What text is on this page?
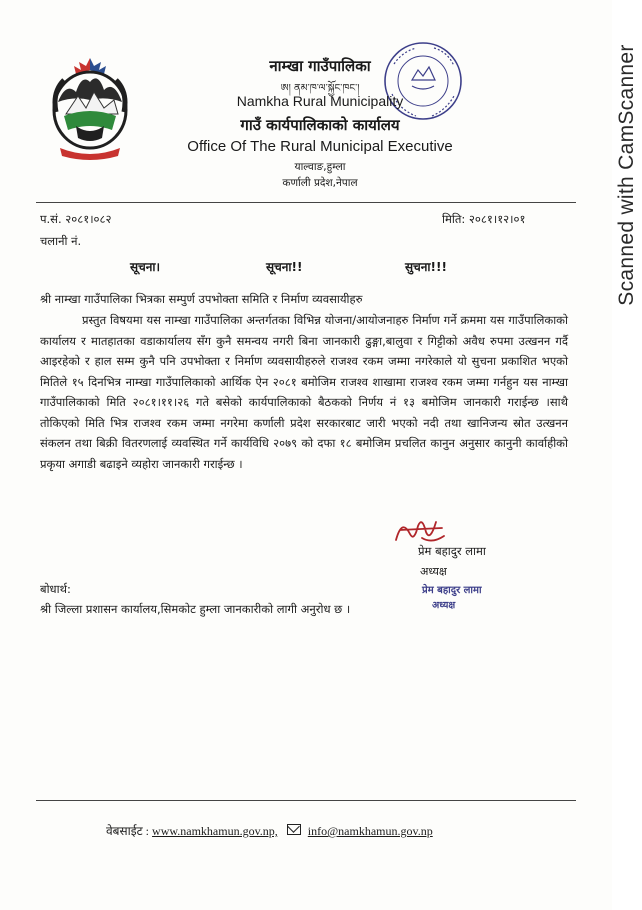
नाम्खा गाउँपालिका
ཨ། ནམ་ཁ་ལ་སྐྱོང་ཁང་།
Namkha Rural Municipality
गाउँ कार्यपालिकाको कार्यालय
Office Of The Rural Municipal Executive
याल्वाङ,हुम्ला
कर्णाली प्रदेश,नेपाल
प.सं. २०८१।०८२	मिति: २०८१।१२।०१
चलानी नं.
सूचना।	सूचना!!	सुचना!!!
श्री नाम्खा गाउँपालिका भित्रका सम्पुर्ण उपभोक्ता समिति र निर्माण व्यवसायीहरु

प्रस्तुत विषयमा यस नाम्खा गाउँपालिका अन्तर्गतका विभिन्न योजना/आयोजनाहरु निर्माण गर्ने क्रममा यस गाउँपालिकाको कार्यालय र मातहातका वडाकार्यालय सँग कुनै समन्वय नगरी बिना जानकारी ढुङ्गा,बालुवा र गिट्टीको अवैध रुपमा उत्खनन गर्दै आइरहेको र हाल सम्म कुनै पनि उपभोक्ता र निर्माण व्यवसायीहरुले राजश्व रकम जम्मा नगरेकाले यो सुचना प्रकाशित भएको मितिले १५ दिनभित्र नाम्खा गाउँपालिकाको आर्थिक ऐन २०८१ बमोजिम राजश्व शाखामा राजश्व रकम जम्मा गर्नहुन यस नाम्खा गाउँपालिकाको मिति २०८१।११।२६ गते बसेको कार्यपालिकाको बैठकको निर्णय नं १३ बमोजिम जानकारी गराईन्छ ।साथै तोकिएको मिति भित्र राजश्व रकम जम्मा नगरेमा कर्णाली प्रदेश सरकारबाट जारी भएको नदी तथा खानिजन्य स्रोत उत्खनन संकलन तथा बिक्री वितरणलाई व्यवस्थित गर्ने कार्यविधि २०७९ को दफा १८ बमोजिम प्रचलित कानुन अनुसार कानुनी कार्वाहीको प्रकृया अगाडी बढाइने व्यहोरा जानकारी गराईन्छ ।

प्रेम बहादुर लामा
अध्यक्ष
प्रेम बहादुर लामा
अध्यक्ष
बोधार्थ:
श्री जिल्ला प्रशासन कार्यालय,सिमकोट हुम्ला जानकारीको लागी अनुरोध छ ।
वेबसाईट : www.namkhamun.gov.np,	info@namkhamun.gov.np
Scanned with CamScanner
